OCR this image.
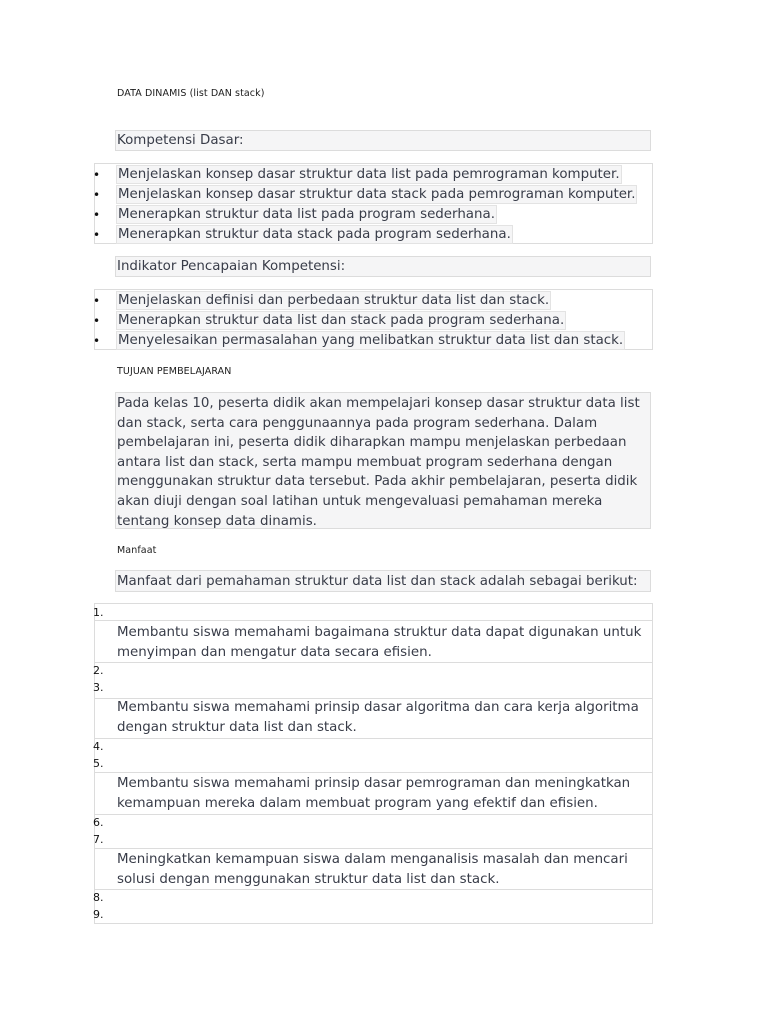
DATA DINAMIS (list DAN stack)
Kompetensi Dasar:
• Menjelaskan konsep dasar struktur data list pada pemrograman komputer.
• Menjelaskan konsep dasar struktur data stack pada pemrograman komputer.
• Menerapkan struktur data list pada program sederhana.
• Menerapkan struktur data stack pada program sederhana.
Indikator Pencapaian Kompetensi:
• Menjelaskan definisi dan perbedaan struktur data list dan stack.
• Menerapkan struktur data list dan stack pada program sederhana.
• Menyelesaikan permasalahan yang melibatkan struktur data list dan stack.
TUJUAN PEMBELAJARAN
Pada kelas 10, peserta didik akan mempelajari konsep dasar struktur data list dan stack, serta cara penggunaannya pada program sederhana. Dalam pembelajaran ini, peserta didik diharapkan mampu menjelaskan perbedaan antara list dan stack, serta mampu membuat program sederhana dengan menggunakan struktur data tersebut. Pada akhir pembelajaran, peserta didik akan diuji dengan soal latihan untuk mengevaluasi pemahaman mereka tentang konsep data dinamis.
Manfaat
Manfaat dari pemahaman struktur data list dan stack adalah sebagai berikut:
1.
2.
3.
4.
5.
6.
7.
8.
9.
Membantu siswa memahami bagaimana struktur data dapat digunakan untuk menyimpan dan mengatur data secara efisien.
Membantu siswa memahami prinsip dasar algoritma dan cara kerja algoritma dengan struktur data list dan stack.
Membantu siswa memahami prinsip dasar pemrograman dan meningkatkan kemampuan mereka dalam membuat program yang efektif dan efisien.
Meningkatkan kemampuan siswa dalam menganalisis masalah dan mencari solusi dengan menggunakan struktur data list dan stack.
